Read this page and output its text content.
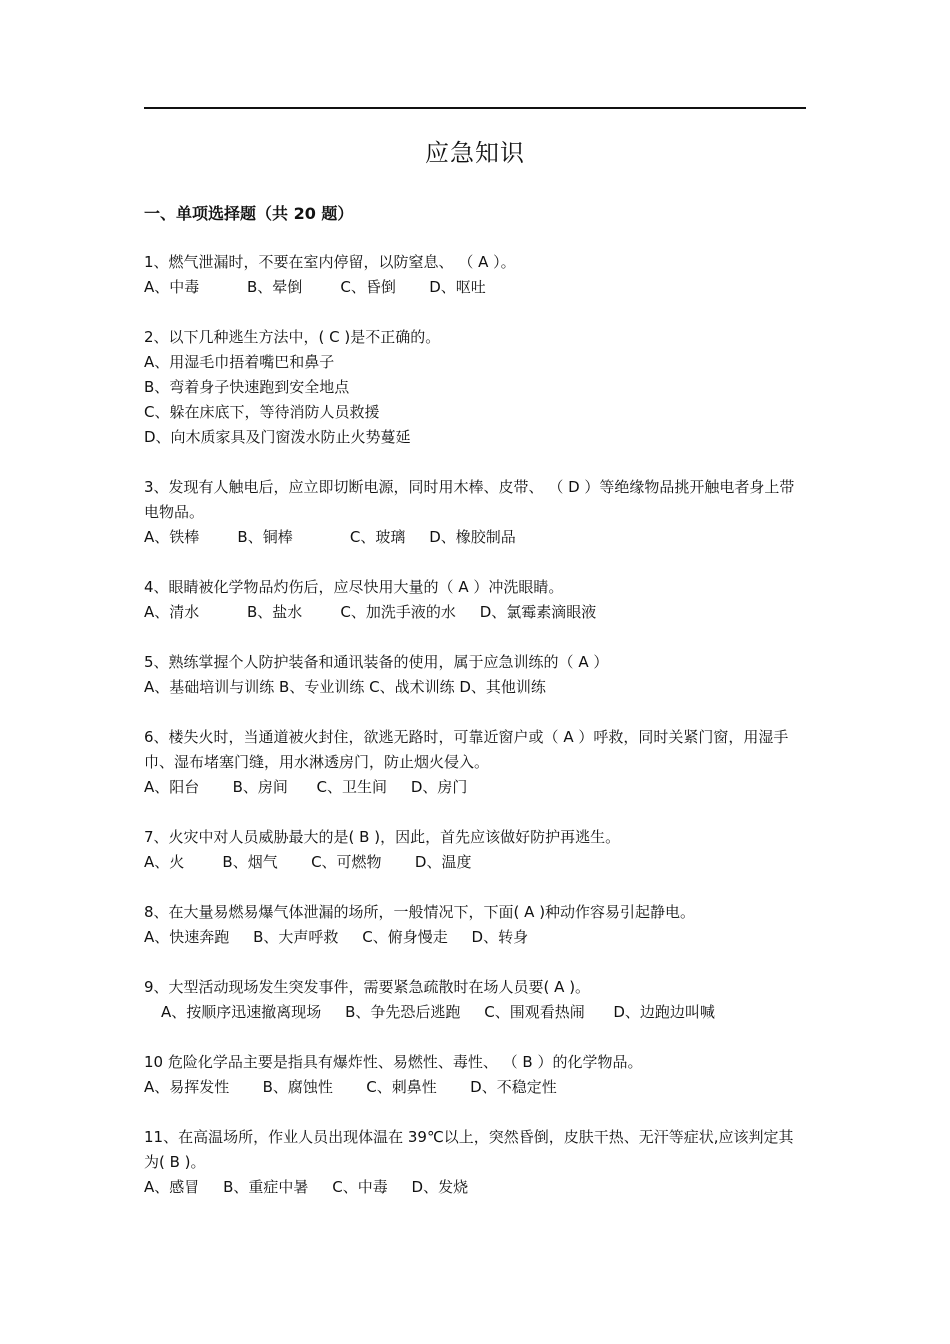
应急知识
一、单项选择题（共 20 题）
1、燃气泄漏时，不要在室内停留，以防窒息、 （ A ）。
A、中毒          B、晕倒        C、昏倒       D、呕吐
2、以下几种逃生方法中，( C )是不正确的。
A、用湿毛巾捂着嘴巴和鼻子
B、弯着身子快速跑到安全地点
C、躲在床底下，等待消防人员救援
D、向木质家具及门窗泼水防止火势蔓延
3、发现有人触电后，应立即切断电源，同时用木棒、皮带、 （ D ）等绝缘物品挑开触电者身上带电物品。
A、铁棒        B、铜棒            C、玻璃     D、橡胶制品
4、眼睛被化学物品灼伤后，应尽快用大量的（ A ）冲洗眼睛。
A、清水          B、盐水        C、加洗手液的水     D、氯霉素滴眼液
5、熟练掌握个人防护装备和通讯装备的使用，属于应急训练的（ A ）
A、基础培训与训练 B、专业训练 C、战术训练 D、其他训练
6、楼失火时，当通道被火封住，欲逃无路时，可靠近窗户或（ A ）呼救，同时关紧门窗，用湿手巾、湿布堵塞门缝，用水淋透房门，防止烟火侵入。
A、阳台       B、房间      C、卫生间     D、房门
7、火灾中对人员威胁最大的是( B )，因此，首先应该做好防护再逃生。
A、火        B、烟气       C、可燃物       D、温度
8、在大量易燃易爆气体泄漏的场所，一般情况下，下面( A )种动作容易引起静电。
A、快速奔跑     B、大声呼救     C、俯身慢走     D、转身
9、大型活动现场发生突发事件，需要紧急疏散时在场人员要( A )。
A、按顺序迅速撤离现场     B、争先恐后逃跑     C、围观看热闹      D、边跑边叫喊
10 危险化学品主要是指具有爆炸性、易燃性、毒性、 （ B ）的化学物品。
A、易挥发性       B、腐蚀性       C、刺鼻性       D、不稳定性
11、在高温场所，作业人员出现体温在 39℃以上，突然昏倒，皮肤干热、无汗等症状,应该判定其为( B )。
A、感冒     B、重症中暑     C、中毒     D、发烧
